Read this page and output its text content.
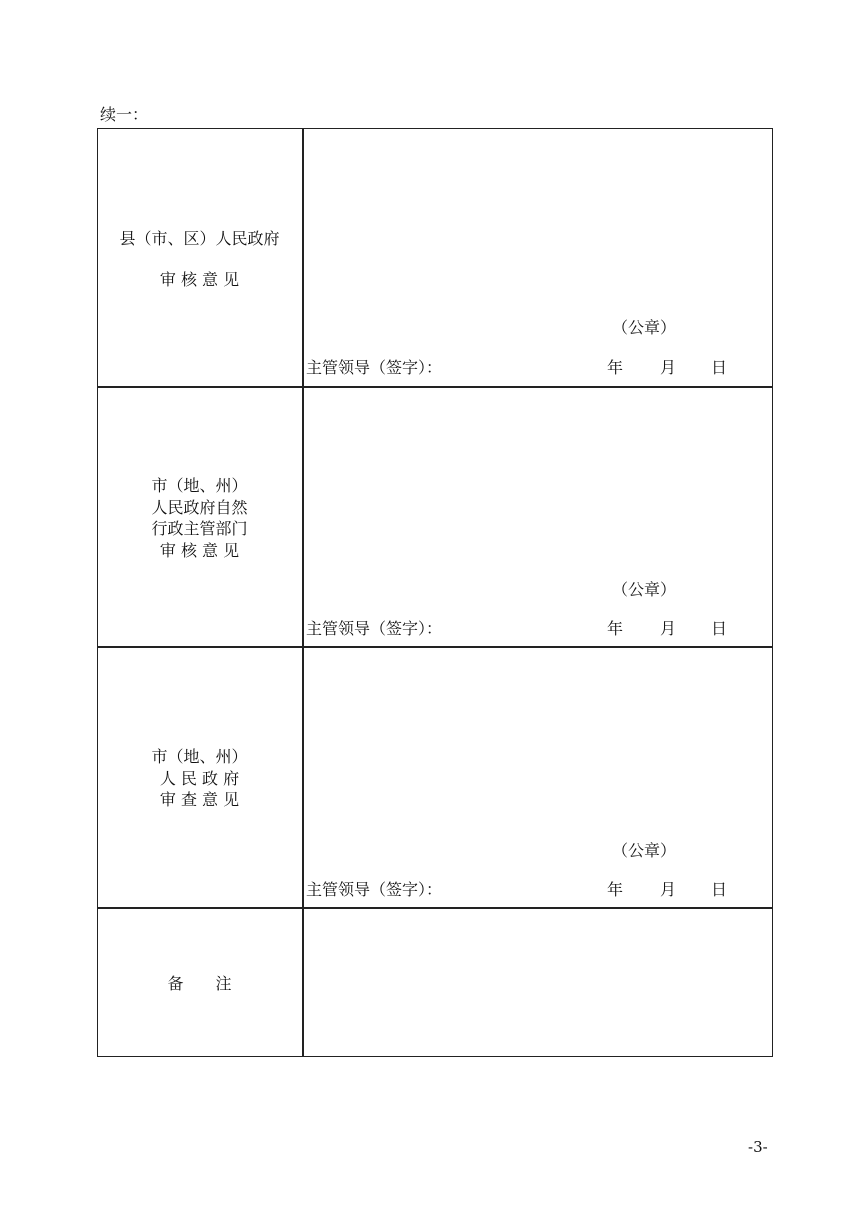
续一：
县（市、区）人民政府
审 核 意 见
（公章）
主管领导（签字）：	年 月 日
市（地、州）
人民政府自然
行政主管部门
审 核 意 见
（公章）
主管领导（签字）：	年 月 日
市（地、州）
人 民 政 府
审 查 意 见
（公章）
主管领导（签字）：	年 月 日
备　　注
-3-
